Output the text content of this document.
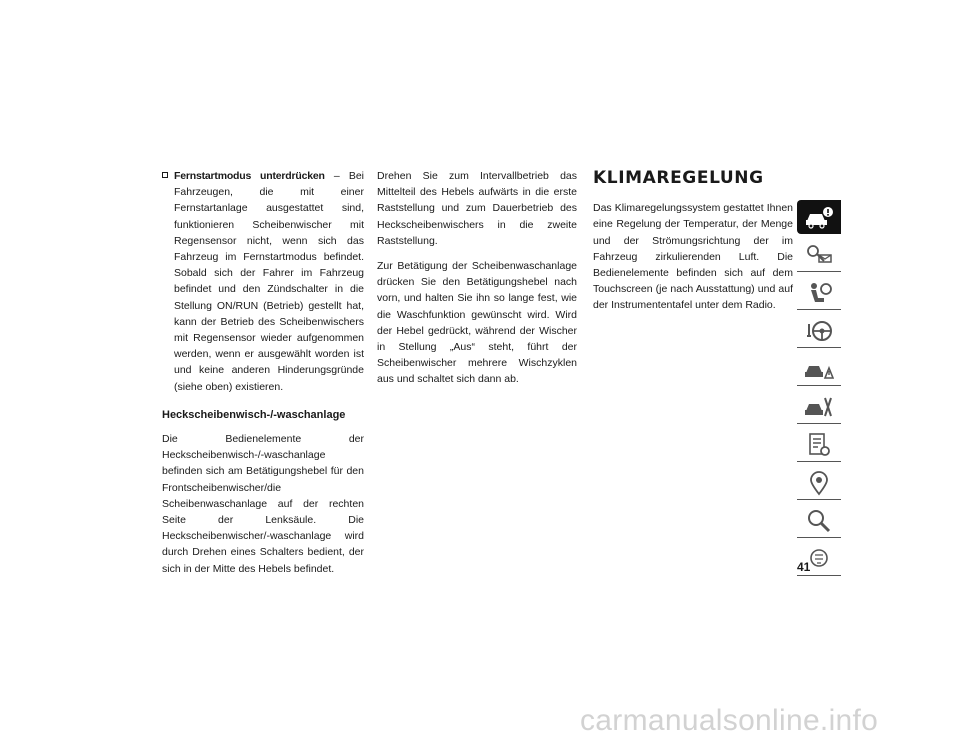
Fernstartmodus unterdrücken – Bei Fahrzeugen, die mit einer Fernstartanlage ausgestattet sind, funktionieren Scheibenwischer mit Regensensor nicht, wenn sich das Fahrzeug im Fernstartmodus befindet. Sobald sich der Fahrer im Fahrzeug befindet und den Zündschalter in die Stellung ON/RUN (Betrieb) gestellt hat, kann der Betrieb des Scheibenwischers mit Regensensor wieder aufgenommen werden, wenn er ausgewählt worden ist und keine anderen Hinderungsgründe (siehe oben) existieren.
Heckscheibenwisch-/-waschanlage

Die Bedienelemente der Heckscheibenwisch-/-waschanlage befinden sich am Betätigungshebel für den Frontscheibenwischer/die Scheibenwaschanlage auf der rechten Seite der Lenksäule. Die Heckscheibenwischer/-waschanlage wird durch Drehen eines Schalters bedient, der sich in der Mitte des Hebels befindet.

Drehen Sie zum Intervallbetrieb das Mittelteil des Hebels aufwärts in die erste Raststellung und zum Dauerbetrieb des Heckscheibenwischers in die zweite Raststellung.

Zur Betätigung der Scheibenwaschanlage drücken Sie den Betätigungshebel nach vorn, und halten Sie ihn so lange fest, wie die Waschfunktion gewünscht wird. Wird der Hebel gedrückt, während der Wischer in Stellung „Aus“ steht, führt der Scheibenwischer mehrere Wischzyklen aus und schaltet sich dann ab.

KLIMAREGELUNG

Das Klimaregelungssystem gestattet Ihnen eine Regelung der Temperatur, der Menge und der Strömungsrichtung der im Fahrzeug zirkulierenden Luft. Die Bedienelemente befinden sich auf dem Touchscreen (je nach Ausstattung) und auf der Instrumententafel unter dem Radio.

41
carmanualsonline.info
